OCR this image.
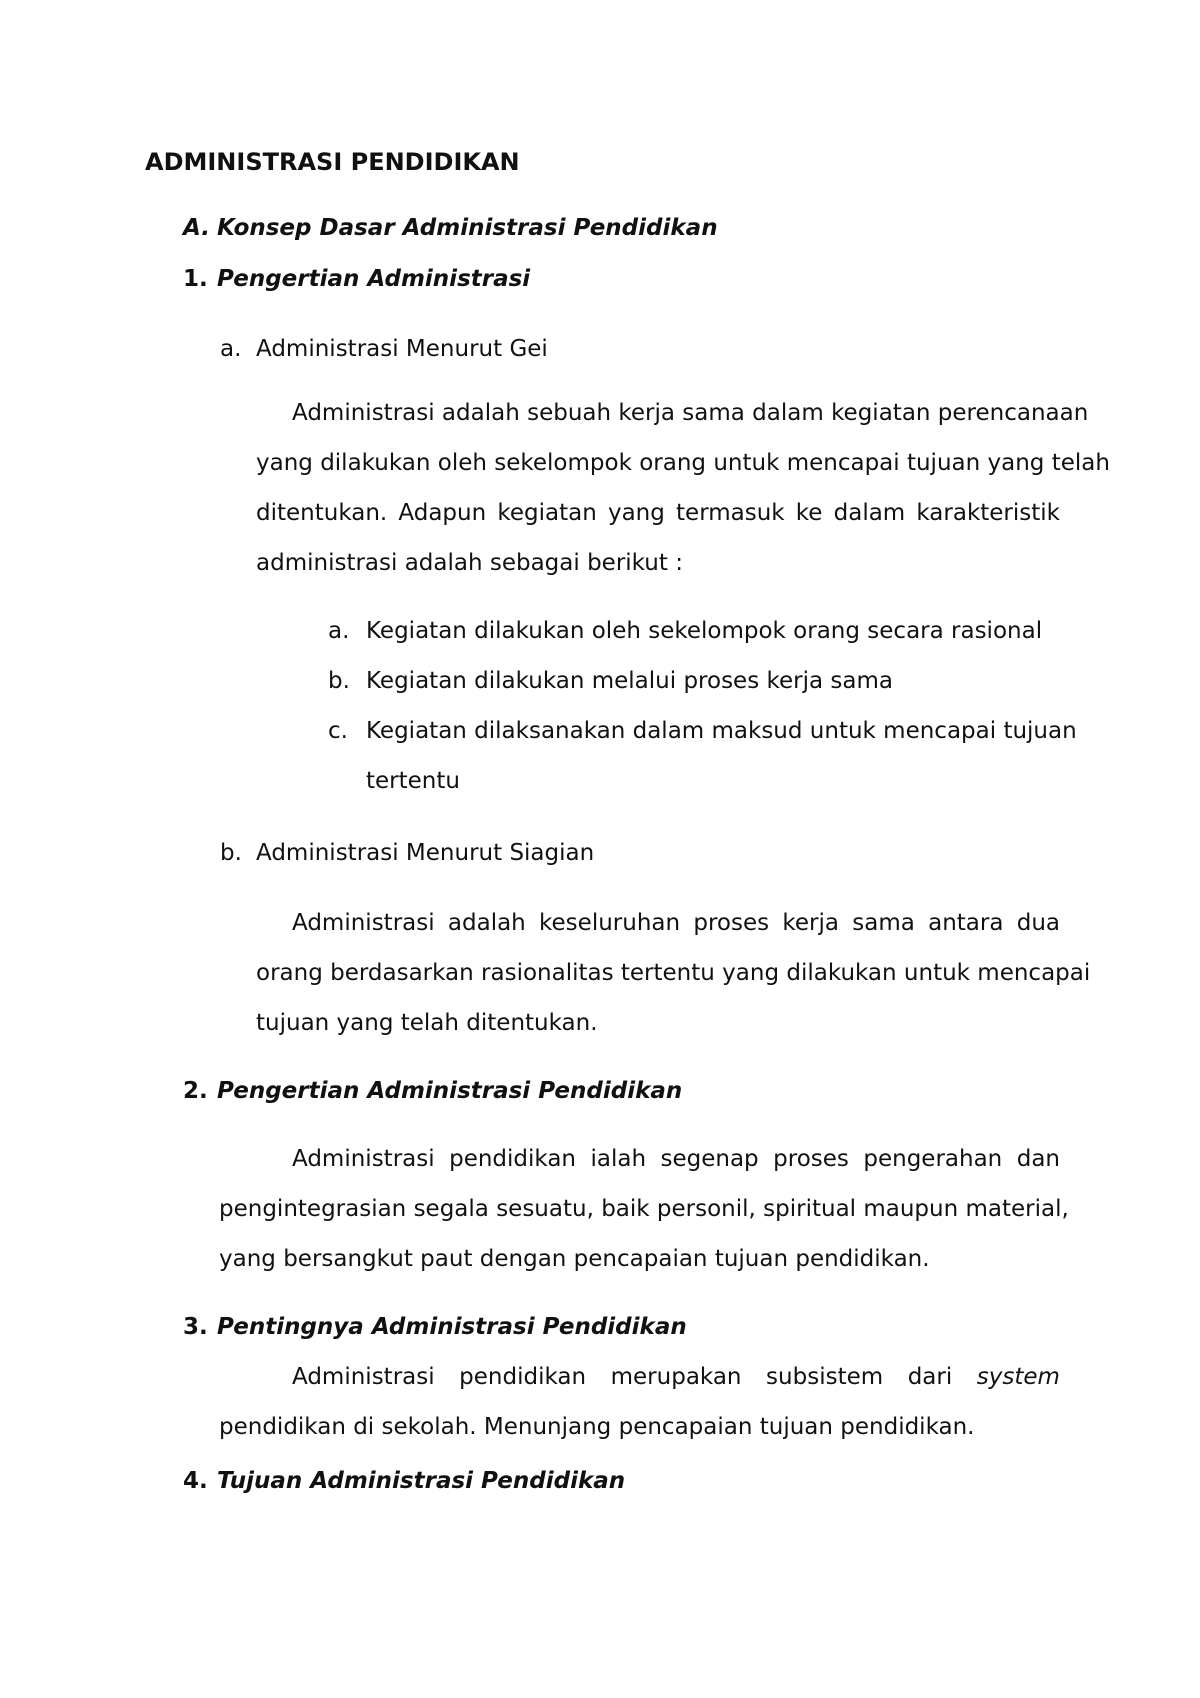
ADMINISTRASI PENDIDIKAN
A. Konsep Dasar Administrasi Pendidikan
1. Pengertian Administrasi
a. Administrasi Menurut Gei
Administrasi adalah sebuah kerja sama dalam kegiatan perencanaan
yang dilakukan oleh sekelompok orang untuk mencapai tujuan yang telah
ditentukan. Adapun kegiatan yang termasuk ke dalam karakteristik
administrasi adalah sebagai berikut :
a. Kegiatan dilakukan oleh sekelompok orang secara rasional
b. Kegiatan dilakukan melalui proses kerja sama
c. Kegiatan dilaksanakan dalam maksud untuk mencapai tujuan
tertentu
b. Administrasi Menurut Siagian
Administrasi adalah keseluruhan proses kerja sama antara dua
orang berdasarkan rasionalitas tertentu yang dilakukan untuk mencapai
tujuan yang telah ditentukan.
2. Pengertian Administrasi Pendidikan
Administrasi pendidikan ialah segenap proses pengerahan dan
pengintegrasian segala sesuatu, baik personil, spiritual maupun material,
yang bersangkut paut dengan pencapaian tujuan pendidikan.
3. Pentingnya Administrasi Pendidikan
Administrasi pendidikan merupakan subsistem dari system
pendidikan di sekolah. Menunjang pencapaian tujuan pendidikan.
4. Tujuan Administrasi Pendidikan
